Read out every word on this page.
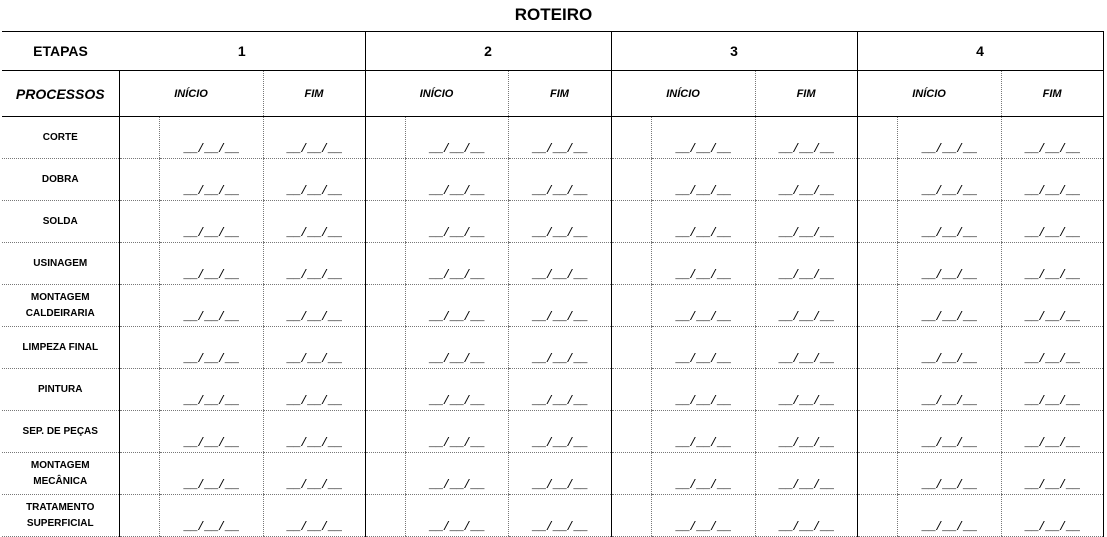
ROTEIRO
ETAPAS	1			2			3			4		
PROCESSOS	INÍCIO		FIM	INÍCIO		FIM	INÍCIO		FIM	INÍCIO		FIM

CORTE		__/__/__	__/__/__		__/__/__	__/__/__		__/__/__	__/__/__		__/__/__	__/__/__

DOBRA		__/__/__	__/__/__		__/__/__	__/__/__		__/__/__	__/__/__		__/__/__	__/__/__

SOLDA		__/__/__	__/__/__		__/__/__	__/__/__		__/__/__	__/__/__		__/__/__	__/__/__

USINAGEM		__/__/__	__/__/__		__/__/__	__/__/__		__/__/__	__/__/__		__/__/__	__/__/__

MONTAGEM
CALDEIRARIA		__/__/__	__/__/__		__/__/__	__/__/__		__/__/__	__/__/__		__/__/__	__/__/__

LIMPEZA FINAL		__/__/__	__/__/__		__/__/__	__/__/__		__/__/__	__/__/__		__/__/__	__/__/__

PINTURA		__/__/__	__/__/__		__/__/__	__/__/__		__/__/__	__/__/__		__/__/__	__/__/__

SEP. DE PEÇAS		__/__/__	__/__/__		__/__/__	__/__/__		__/__/__	__/__/__		__/__/__	__/__/__

MONTAGEM
MECÂNICA		__/__/__	__/__/__		__/__/__	__/__/__		__/__/__	__/__/__		__/__/__	__/__/__

TRATAMENTO
SUPERFICIAL		__/__/__	__/__/__		__/__/__	__/__/__		__/__/__	__/__/__		__/__/__	__/__/__
